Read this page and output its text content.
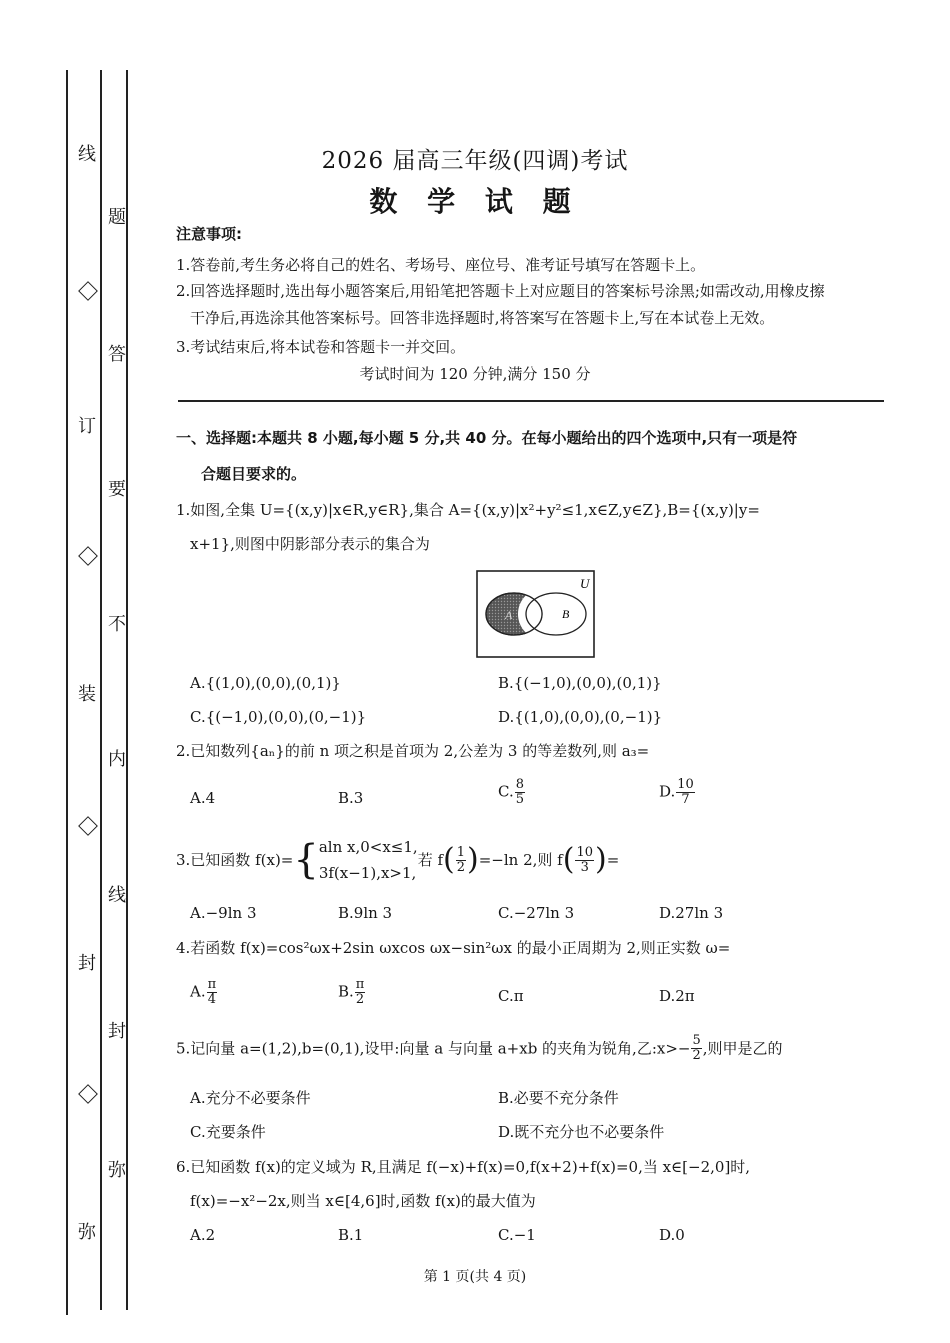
线
订
装
封
弥
题
答
要
不
内
线
封
弥
2026 届高三年级(四调)考试
数 学 试 题
注意事项:
1.答卷前,考生务必将自己的姓名、考场号、座位号、准考证号填写在答题卡上。
2.回答选择题时,选出每小题答案后,用铅笔把答题卡上对应题目的答案标号涂黑;如需改动,用橡皮擦
干净后,再选涂其他答案标号。回答非选择题时,将答案写在答题卡上,写在本试卷上无效。
3.考试结束后,将本试卷和答题卡一并交回。
考试时间为 120 分钟,满分 150 分
一、选择题:本题共 8 小题,每小题 5 分,共 40 分。在每小题给出的四个选项中,只有一项是符
合题目要求的。
1.如图,全集 U={(x,y)|x∈R,y∈R},集合 A={(x,y)|x²+y²≤1,x∈Z,y∈Z},B={(x,y)|y=
x+1},则图中阴影部分表示的集合为
U
A	B
A.{(1,0),(0,0),(0,1)}	B.{(−1,0),(0,0),(0,1)}
C.{(−1,0),(0,0),(0,−1)}	D.{(1,0),(0,0),(0,−1)}
2.已知数列{aₙ}的前 n 项之积是首项为 2,公差为 3 的等差数列,则 a₃=
A.4	B.3	C. $\frac{8}{5}$	D. $\frac{10}{7}$
3.已知函数 f(x)={ aln x,0<x≤1,
3f(x−1),x>1,
若 $f( \frac{1}{2} )=-\ln$ 2,则 $f( \frac{10}{3}$ )=
A.−9ln 3	B.9ln 3	C.−27ln 3	D.27ln 3
4.若函数 f(x)=cos²ωx+2sin ωxcos ωx−sin²ωx 的最小正周期为 2,则正实数 ω=
A. $\frac{\pi}{4}$	B. $\frac{\pi}{2}$	C.π	D.2π
5.记向量 a=(1,2),b=(0,1),设甲:向量 a 与向量 a+xb 的夹角为锐角,乙:x>− $\frac{5}{2}$ ,则甲是乙的
A.充分不必要条件	B.必要不充分条件
C.充要条件	D.既不充分也不必要条件
6.已知函数 f(x)的定义域为 R,且满足 f(−x)+f(x)=0,f(x+2)+f(x)=0,当 x∈[−2,0]时,
f(x)=−x²−2x,则当 x∈[4,6]时,函数 f(x)的最大值为
A.2	B.1	C.−1	D.0
第 1 页(共 4 页)
